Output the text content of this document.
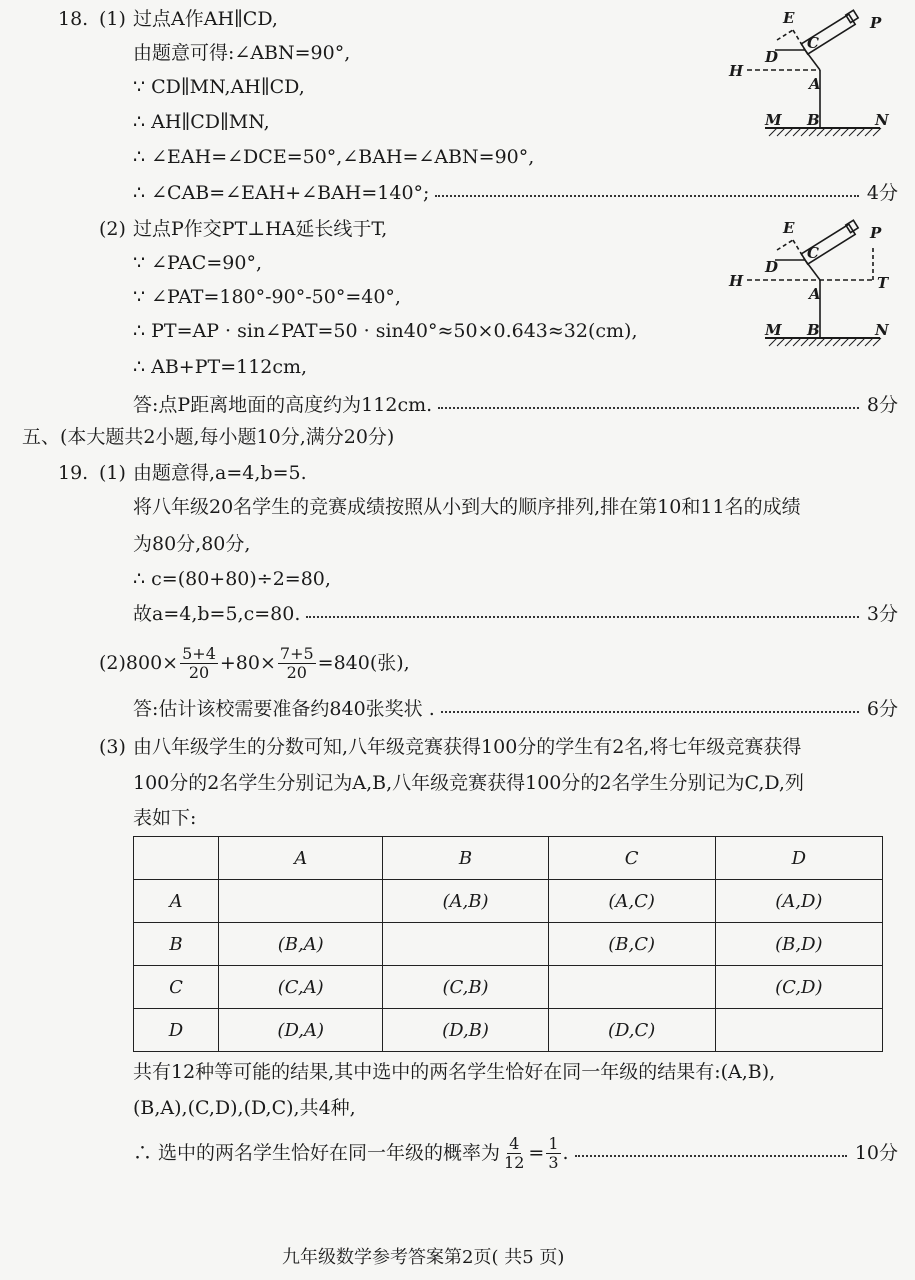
18. (1) 过点A作AH∥CD,
由题意可得:∠ABN=90°,
∵ CD∥MN,AH∥CD,
∴ AH∥CD∥MN,
∴ ∠EAH=∠DCE=50°,∠BAH=∠ABN=90°,
∴ ∠CAB=∠EAH+∠BAH=140°;	4分
(2) 过点P作交PT⊥HA延长线于T,
∵ ∠PAC=90°,
∵ ∠PAT=180°-90°-50°=40°,
∴ PT=AP · sin∠PAT=50 · sin40°≈50×0.643≈32(cm),
∴ AB+PT=112cm,
答:点P距离地面的高度约为112cm.	8分
E
C
D
P
H
A
M B	N
E
C
D
P
H
A
T
M B	N
五、(本大题共2小题,每小题10分,满分20分)
19. (1) 由题意得,a=4,b=5.
将八年级20名学生的竞赛成绩按照从小到大的顺序排列,排在第10和11名的成绩
为80分,80分,
∴ c=(80+80)÷2=80,
故a=4,b=5,c=80.	3分
(2) $800\times \frac{5+4}{20} +80\times \frac{7+5}{20} =840$(张),
答:估计该校需要准备约840张奖状 .	6分
(3) 由八年级学生的分数可知,八年级竞赛获得100分的学生有2名,将七年级竞赛获得
100分的2名学生分别记为A,B,八年级竞赛获得100分的2名学生分别记为C,D,列
表如下:
	A	B	C	D
A		(A,B)	(A,C)	(A,D)
B	(B,A)		(B,C)	(B,D)
C	(C,A)	(C,B)		(C,D)
D	(D,A)	(D,B)	(D,C)	
共有12种等可能的结果,其中选中的两名学生恰好在同一年级的结果有:(A,B),
(B,A),(C,D),(D,C),共4种,
∴ 选中的两名学生恰好在同一年级的概率为 $\frac{4}{12} = \frac{1}{3}$ .	10分
九年级数学参考答案第2页( 共5 页)
